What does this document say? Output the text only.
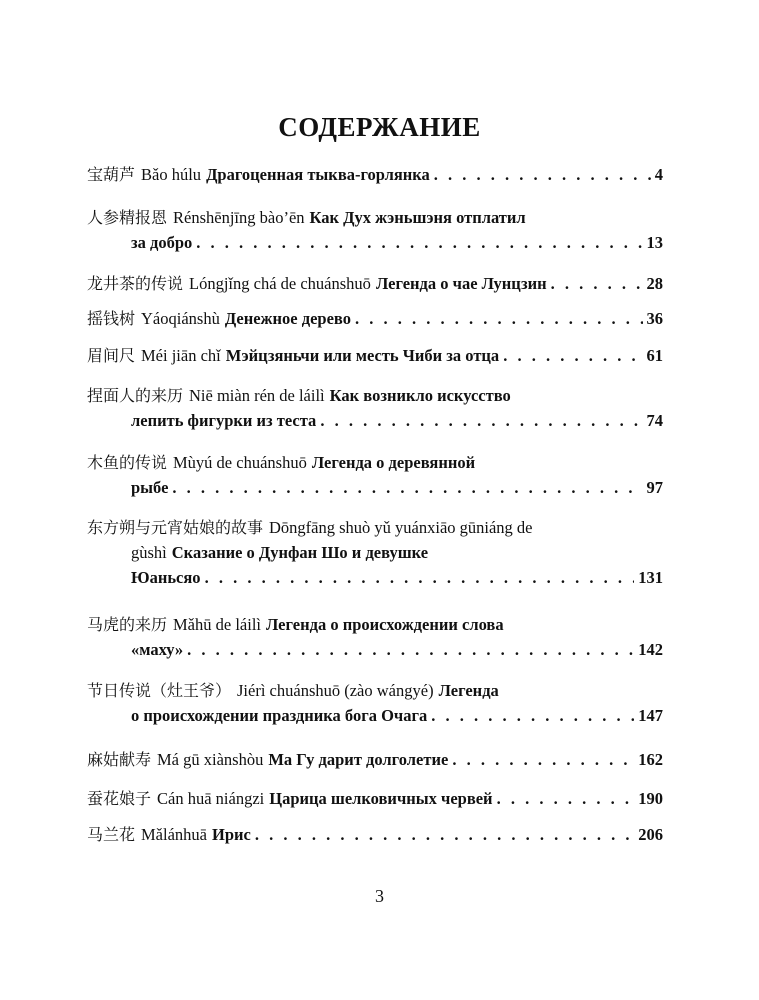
СОДЕРЖАНИЕ
宝葫芦 Bǎo húlu Драгоценная тыква-горлянка . . .	4
人参精报恩 Rénshēnjīng bào’ēn Как Дух жэньшэня отплатил
за добро . . .	13
龙井茶的传说 Lóngjǐng chá de chuánshuō Легенда о чае Лунцзин . . .	28
摇钱树 Yáoqiánshù Денежное дерево . . .	36
眉间尺 Méi jiān chǐ Мэйцзяньчи или месть Чиби за отца . . .	61
捏面人的来历 Niē miàn rén de láilì Как возникло искусство
лепить фигурки из теста . . .	74
木鱼的传说 Mùyú de chuánshuō Легенда о деревянной
рыбе . . .	97
东方朔与元宵姑娘的故事 Dōngfāng shuò yǔ yuánxiāo gūniáng de
gùshì Сказание о Дунфан Шо и девушке
Юаньсяо . . .	131
马虎的来历 Mǎhū de láilì Легенда о происхождении слова
«маху» . . .	142
节日传说（灶王爷） Jiérì chuánshuō (zào wángyé) Легенда
о происхождении праздника бога Очага . . .	147
麻姑献寿 Má gū xiànshòu Ма Гу дарит долголетие . . .	162
蚕花娘子 Cán huā niángzi Царица шелковичных червей . . .	190
马兰花 Mǎlánhuā Ирис . . .	206
3
